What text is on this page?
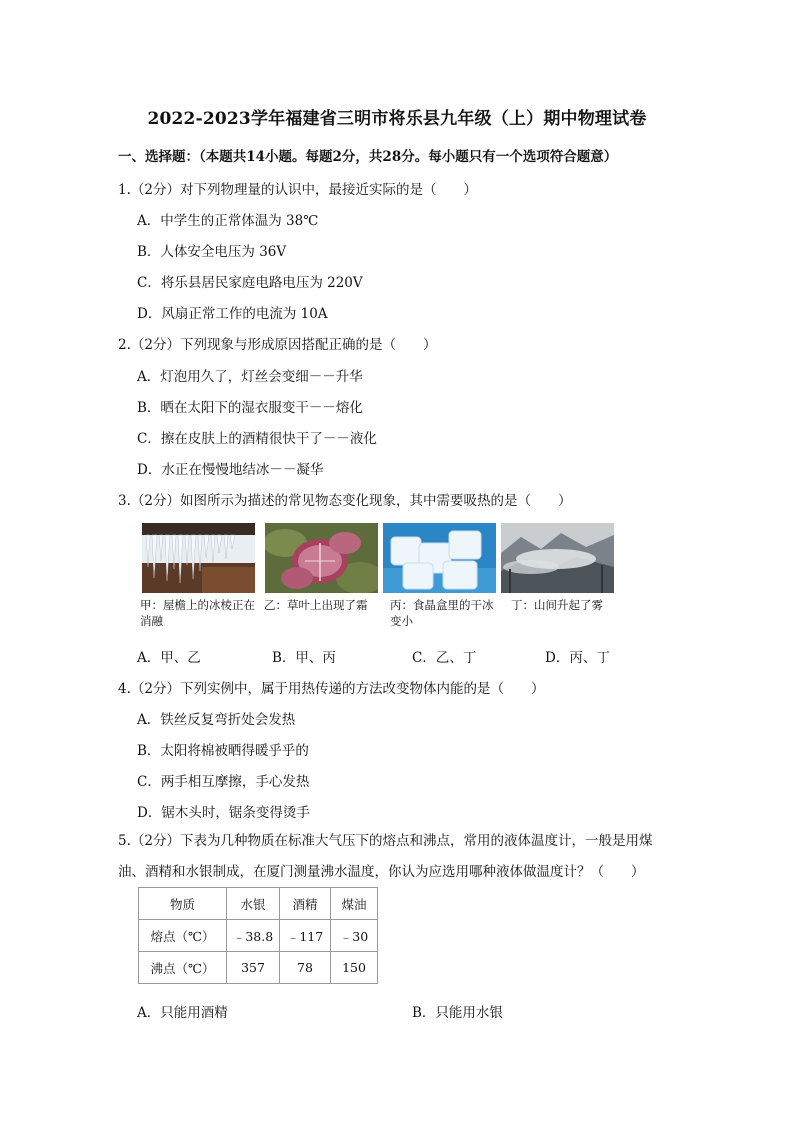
2022-2023学年福建省三明市将乐县九年级（上）期中物理试卷
一、选择题：（本题共14小题。每题2分，共28分。每小题只有一个选项符合题意）
1.（2分）对下列物理量的认识中，最接近实际的是（　　）
A．中学生的正常体温为 38℃
B．人体安全电压为 36V
C．将乐县居民家庭电路电压为 220V
D．风扇正常工作的电流为 10A
2.（2分）下列现象与形成原因搭配正确的是（　　）
A．灯泡用久了，灯丝会变细－－升华
B．晒在太阳下的湿衣服变干－－熔化
C．擦在皮肤上的酒精很快干了－－液化
D．水正在慢慢地结冰－－凝华
3.（2分）如图所示为描述的常见物态变化现象，其中需要吸热的是（　　）
甲：屋檐上的冰棱正在消融
乙：草叶上出现了霜	丙：食晶盒里的干冰变小
丁：山间升起了雾
A．甲、乙	B．甲、丙	C．乙、丁	D．丙、丁
4.（2分）下列实例中，属于用热传递的方法改变物体内能的是（　　）
A．铁丝反复弯折处会发热
B．太阳将棉被晒得暖乎乎的
C．两手相互摩擦，手心发热
D．锯木头时，锯条变得烫手
5.（2分）下表为几种物质在标准大气压下的熔点和沸点，常用的液体温度计，一般是用煤油、酒精和水银制成，在厦门测量沸水温度，你认为应选用哪种液体做温度计？（　　）
物质	水银	酒精	煤油
熔点（℃）	﹣38.8	﹣117	﹣30
沸点（℃）	357	78	150
A．只能用酒精	B．只能用水银
